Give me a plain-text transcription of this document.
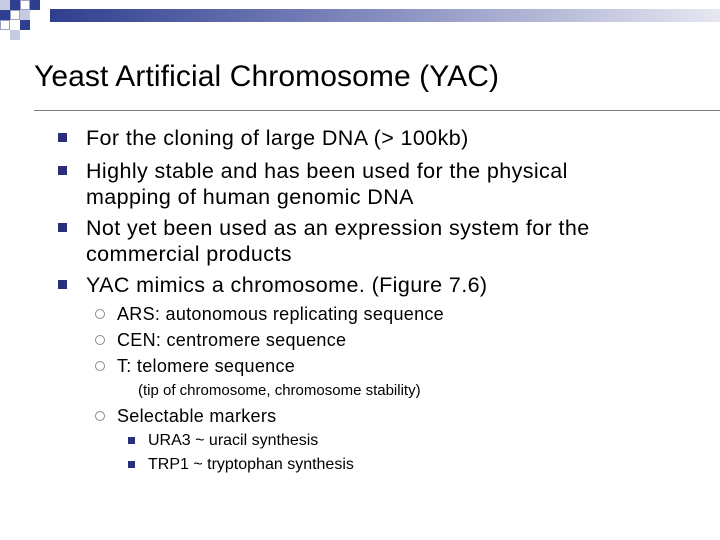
Yeast Artificial Chromosome (YAC)
For the cloning of large DNA (> 100kb)
Highly stable and has been used for the physical
mapping of human genomic DNA
Not yet been used as an expression system for the
commercial products
YAC mimics a chromosome. (Figure 7.6)
ARS: autonomous replicating sequence
CEN: centromere sequence
T: telomere sequence
(tip of chromosome, chromosome stability)
Selectable markers
URA3 ~ uracil synthesis
TRP1 ~ tryptophan synthesis
